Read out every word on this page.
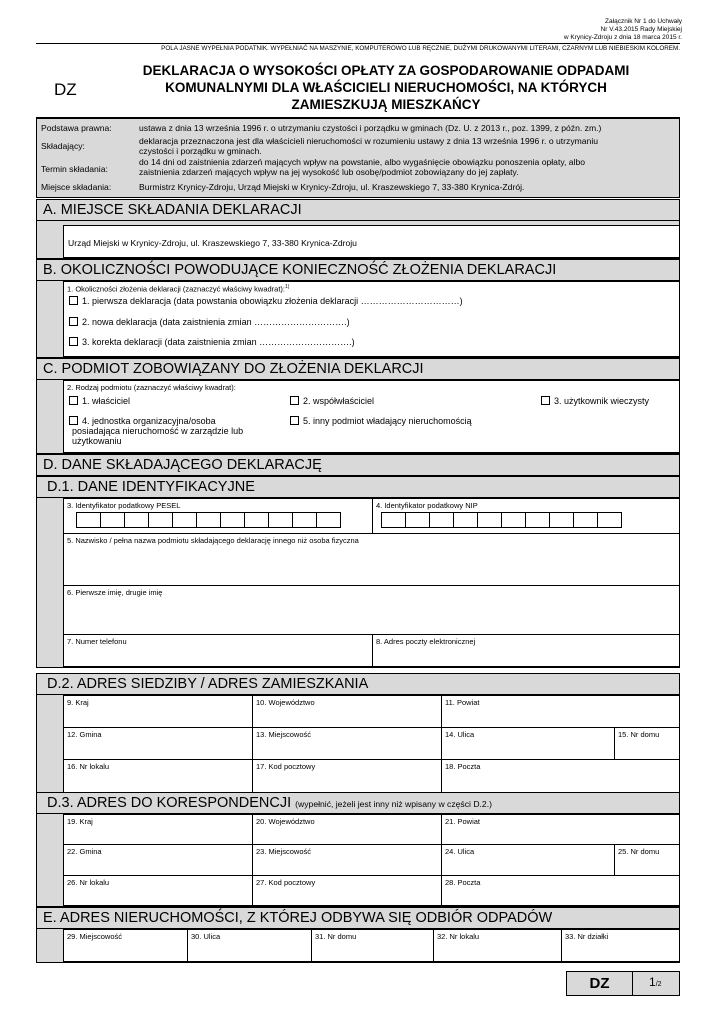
Załącznik Nr 1 do Uchwały
Nr V.43.2015 Rady Miejskiej
w Krynicy-Zdroju z dnia 18 marca 2015 r.
POLA JASNE WYPEŁNIA PODATNIK. WYPEŁNIAĆ NA MASZYNIE, KOMPUTEROWO LUB RĘCZNIE, DUŻYMI DRUKOWANYMI LITERAMI, CZARNYM LUB NIEBIESKIM KOLOREM.
DZ
DEKLARACJA O WYSOKOŚCI OPŁATY ZA GOSPODAROWANIE ODPADAMI
KOMUNALNYMI DLA WŁAŚCICIELI NIERUCHOMOŚCI, NA KTÓRYCH
ZAMIESZKUJĄ MIESZKAŃCY
Podstawa prawna:	ustawa z dnia 13 września 1996 r. o utrzymaniu czystości i porządku w gminach (Dz. U. z 2013 r., poz. 1399, z późn. zm.)
Składający:	deklaracja przeznaczona jest dla właścicieli nieruchomości w rozumieniu ustawy z dnia 13 września 1996 r. o utrzymaniu
czystości i porządku w gminach.
Termin składania:
do 14 dni od zaistnienia zdarzeń mających wpływ na powstanie, albo wygaśnięcie obowiązku ponoszenia opłaty, albo
zaistnienia zdarzeń mających wpływ na jej wysokość lub osobę/podmiot zobowiązany do jej zapłaty.
Miejsce składania:	Burmistrz Krynicy-Zdroju, Urząd Miejski w Krynicy-Zdroju, ul. Kraszewskiego 7, 33-380 Krynica-Zdrój.
A. MIEJSCE SKŁADANIA DEKLARACJI
Urząd Miejski w Krynicy-Zdroju, ul. Kraszewskiego 7, 33-380 Krynica-Zdroju
B. OKOLICZNOŚCI POWODUJĄCE KONIECZNOŚĆ ZŁOŻENIA DEKLARACJI
1. Okoliczności złożenia deklaracji (zaznaczyć właściwy kwadrat):$^{1)}$
1. pierwsza deklaracja (data powstania obowiązku złożenia deklaracji ……………………………)
2. nowa deklaracja (data zaistnienia zmian ………………………….)
3. korekta deklaracji (data zaistnienia zmian ………………………….)
C. PODMIOT ZOBOWIĄZANY DO ZŁOŻENIA DEKLARCJI
2. Rodzaj podmiotu (zaznaczyć właściwy kwadrat):
1. właściciel	2. współwłaściciel	3. użytkownik wieczysty
4. jednostka organizacyjna/osoba
posiadająca nieruchomość w zarządzie lub
użytkowaniu
5. inny podmiot władający nieruchomością
D. DANE SKŁADAJĄCEGO DEKLARACJĘ
D.1. DANE IDENTYFIKACYJNE
3. Identyfikator podatkowy PESEL	4. Identyfikator podatkowy NIP
5. Nazwisko / pełna nazwa podmiotu składającego deklarację innego niż osoba fizyczna
6. Pierwsze imię, drugie imię
7. Numer telefonu	8. Adres poczty elektronicznej
D.2. ADRES SIEDZIBY / ADRES ZAMIESZKANIA
9. Kraj	10. Województwo	11. Powiat
12. Gmina	13. Miejscowość	14. Ulica	15. Nr domu
16. Nr lokalu	17. Kod pocztowy	18. Poczta
D.3. ADRES DO KORESPONDENCJI (wypełnić, jeżeli jest inny niż wpisany w części D.2.)
19. Kraj	20. Województwo	21. Powiat
22. Gmina	23. Miejscowość	24. Ulica	25. Nr domu
26. Nr lokalu	27. Kod pocztowy	28. Poczta
E. ADRES NIERUCHOMOŚCI, Z KTÓREJ ODBYWA SIĘ ODBIÓR ODPADÓW
29. Miejscowość	30. Ulica	31. Nr domu	32. Nr lokalu	33. Nr działki
DZ	1/2
